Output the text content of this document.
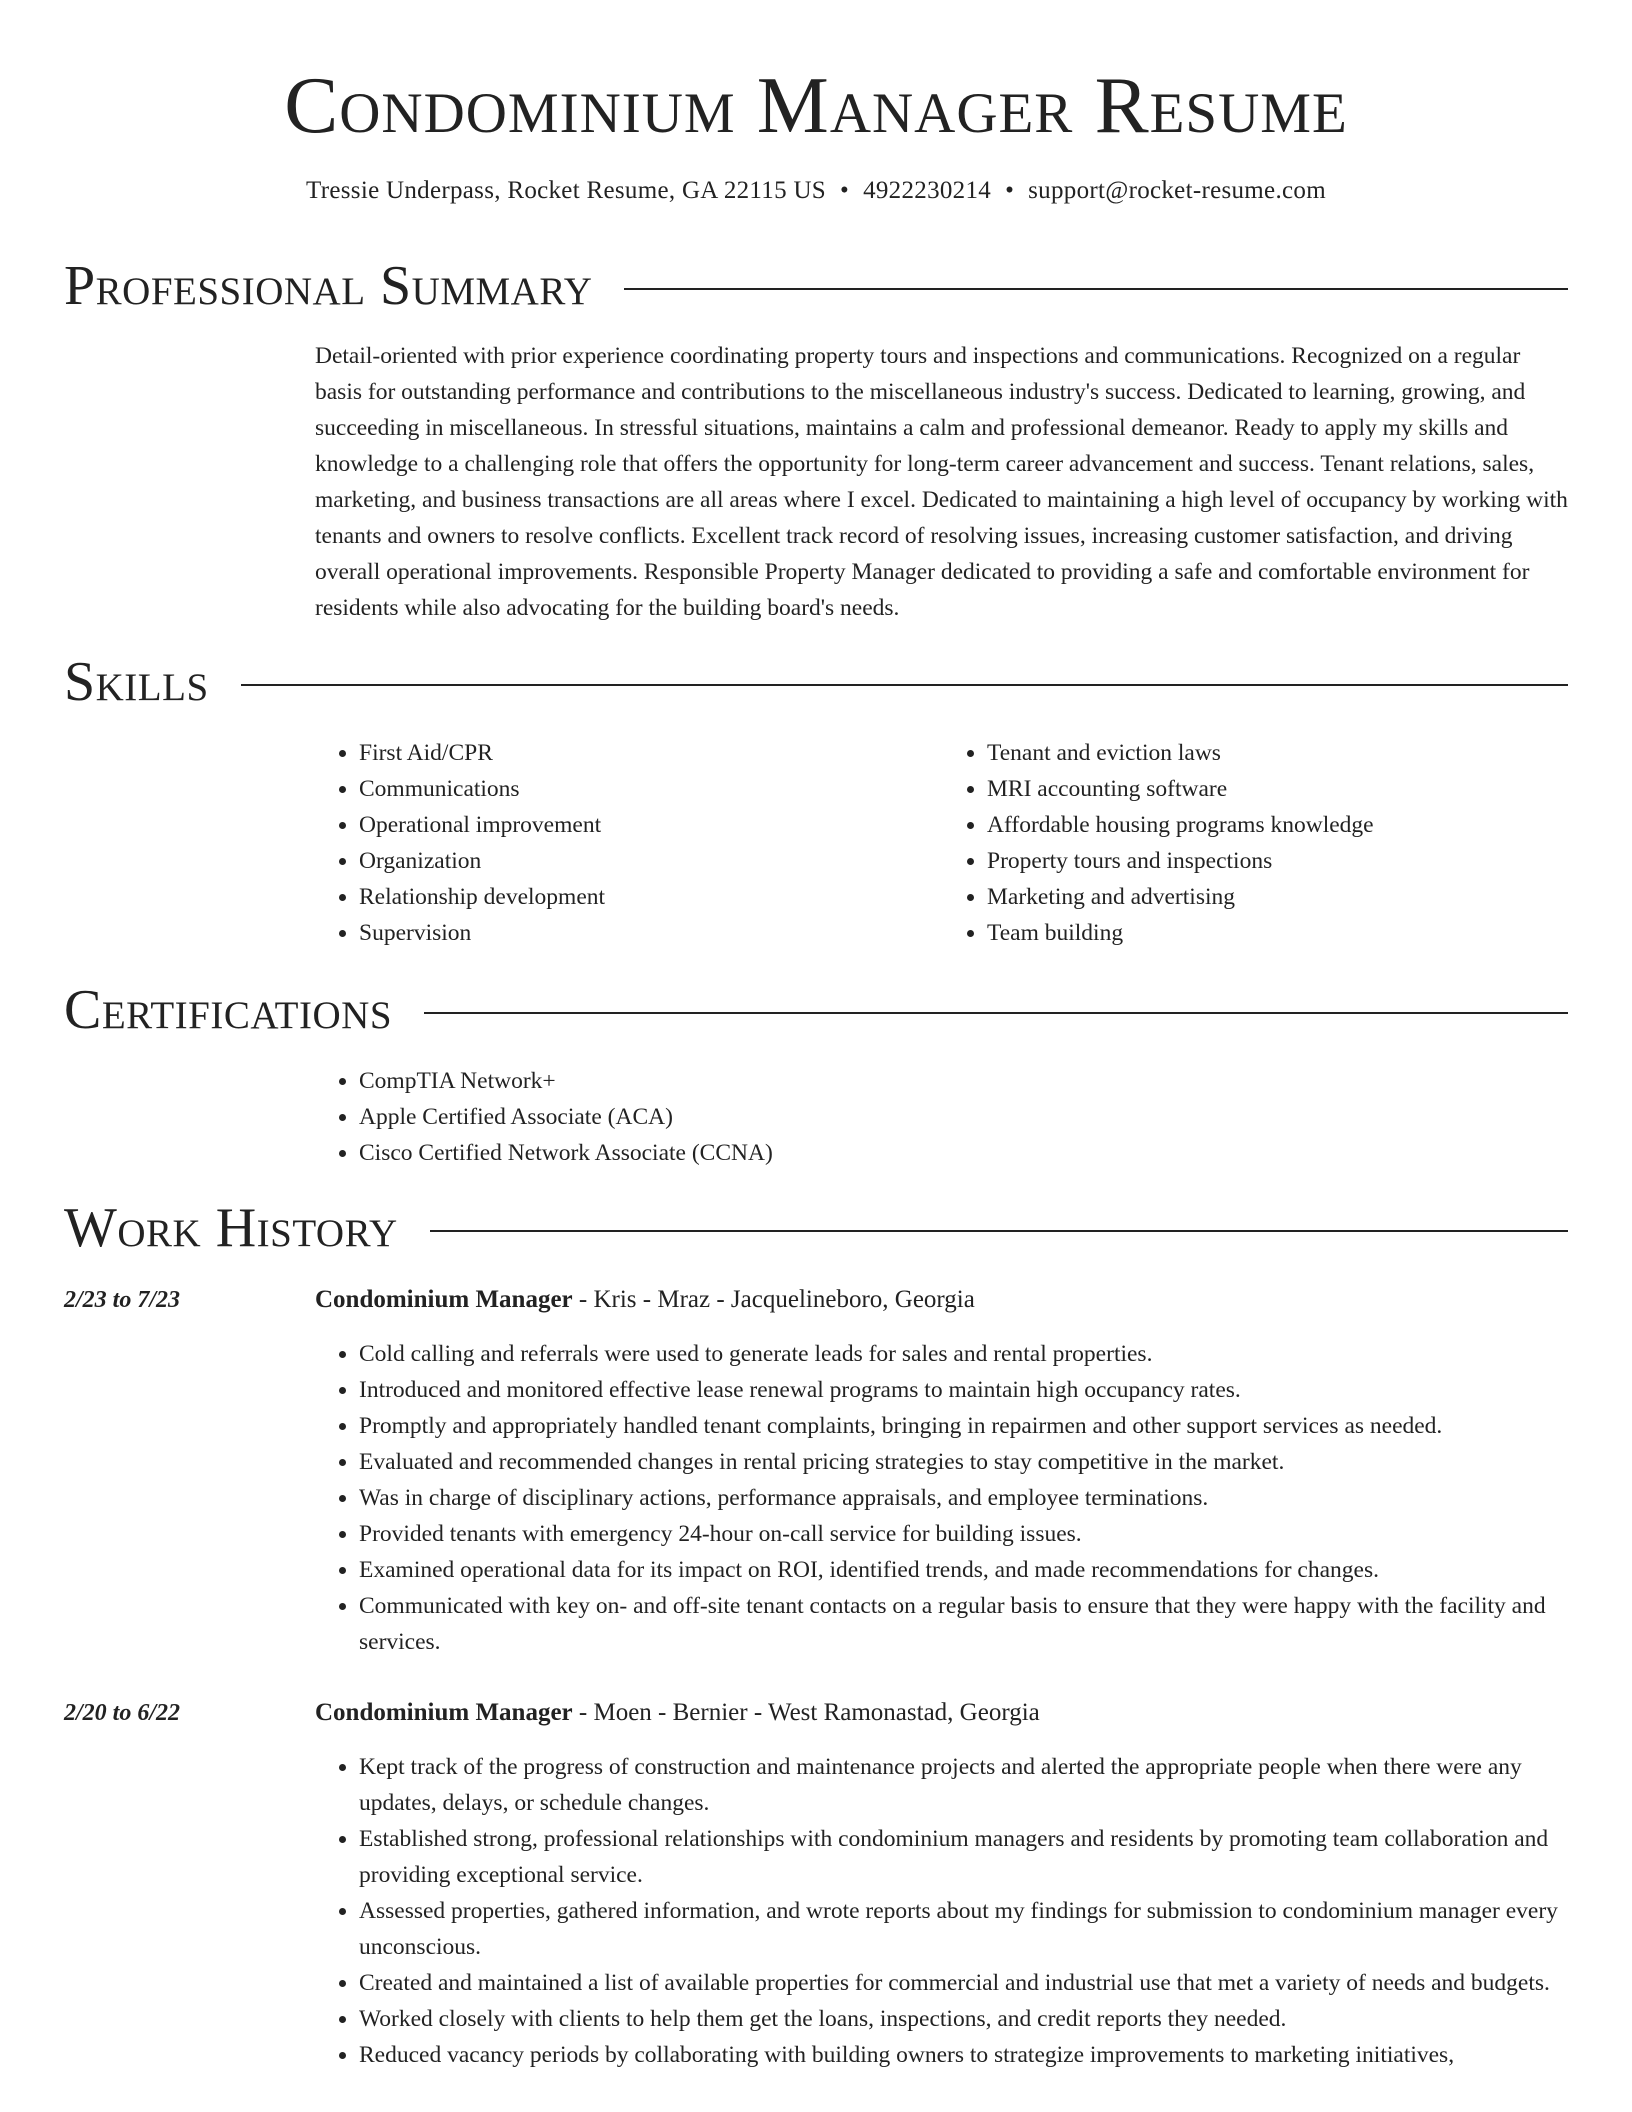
Condominium Manager Resume
Tressie Underpass, Rocket Resume, GA 22115 US • 4922230214 • support@rocket-resume.com
Professional Summary
Detail-oriented with prior experience coordinating property tours and inspections and communications. Recognized on a regular basis for outstanding performance and contributions to the miscellaneous industry's success. Dedicated to learning, growing, and succeeding in miscellaneous. In stressful situations, maintains a calm and professional demeanor. Ready to apply my skills and knowledge to a challenging role that offers the opportunity for long-term career advancement and success. Tenant relations, sales, marketing, and business transactions are all areas where I excel. Dedicated to maintaining a high level of occupancy by working with tenants and owners to resolve conflicts. Excellent track record of resolving issues, increasing customer satisfaction, and driving overall operational improvements. Responsible Property Manager dedicated to providing a safe and comfortable environment for residents while also advocating for the building board's needs.
Skills
• First Aid/CPR
• Communications
• Operational improvement
• Organization
• Relationship development
• Supervision
• Tenant and eviction laws
• MRI accounting software
• Affordable housing programs knowledge
• Property tours and inspections
• Marketing and advertising
• Team building
Certifications
• CompTIA Network+
• Apple Certified Associate (ACA)
• Cisco Certified Network Associate (CCNA)
Work History
2/23 to 7/23	Condominium Manager - Kris - Mraz - Jacquelineboro, Georgia
• Cold calling and referrals were used to generate leads for sales and rental properties.
• Introduced and monitored effective lease renewal programs to maintain high occupancy rates.
• Promptly and appropriately handled tenant complaints, bringing in repairmen and other support services as needed.
• Evaluated and recommended changes in rental pricing strategies to stay competitive in the market.
• Was in charge of disciplinary actions, performance appraisals, and employee terminations.
• Provided tenants with emergency 24-hour on-call service for building issues.
• Examined operational data for its impact on ROI, identified trends, and made recommendations for changes.
• Communicated with key on- and off-site tenant contacts on a regular basis to ensure that they were happy with the facility and services.
2/20 to 6/22	Condominium Manager - Moen - Bernier - West Ramonastad, Georgia
• Kept track of the progress of construction and maintenance projects and alerted the appropriate people when there were any updates, delays, or schedule changes.
• Established strong, professional relationships with condominium managers and residents by promoting team collaboration and providing exceptional service.
• Assessed properties, gathered information, and wrote reports about my findings for submission to condominium manager every unconscious.
• Created and maintained a list of available properties for commercial and industrial use that met a variety of needs and budgets.
• Worked closely with clients to help them get the loans, inspections, and credit reports they needed.
• Reduced vacancy periods by collaborating with building owners to strategize improvements to marketing initiatives,
